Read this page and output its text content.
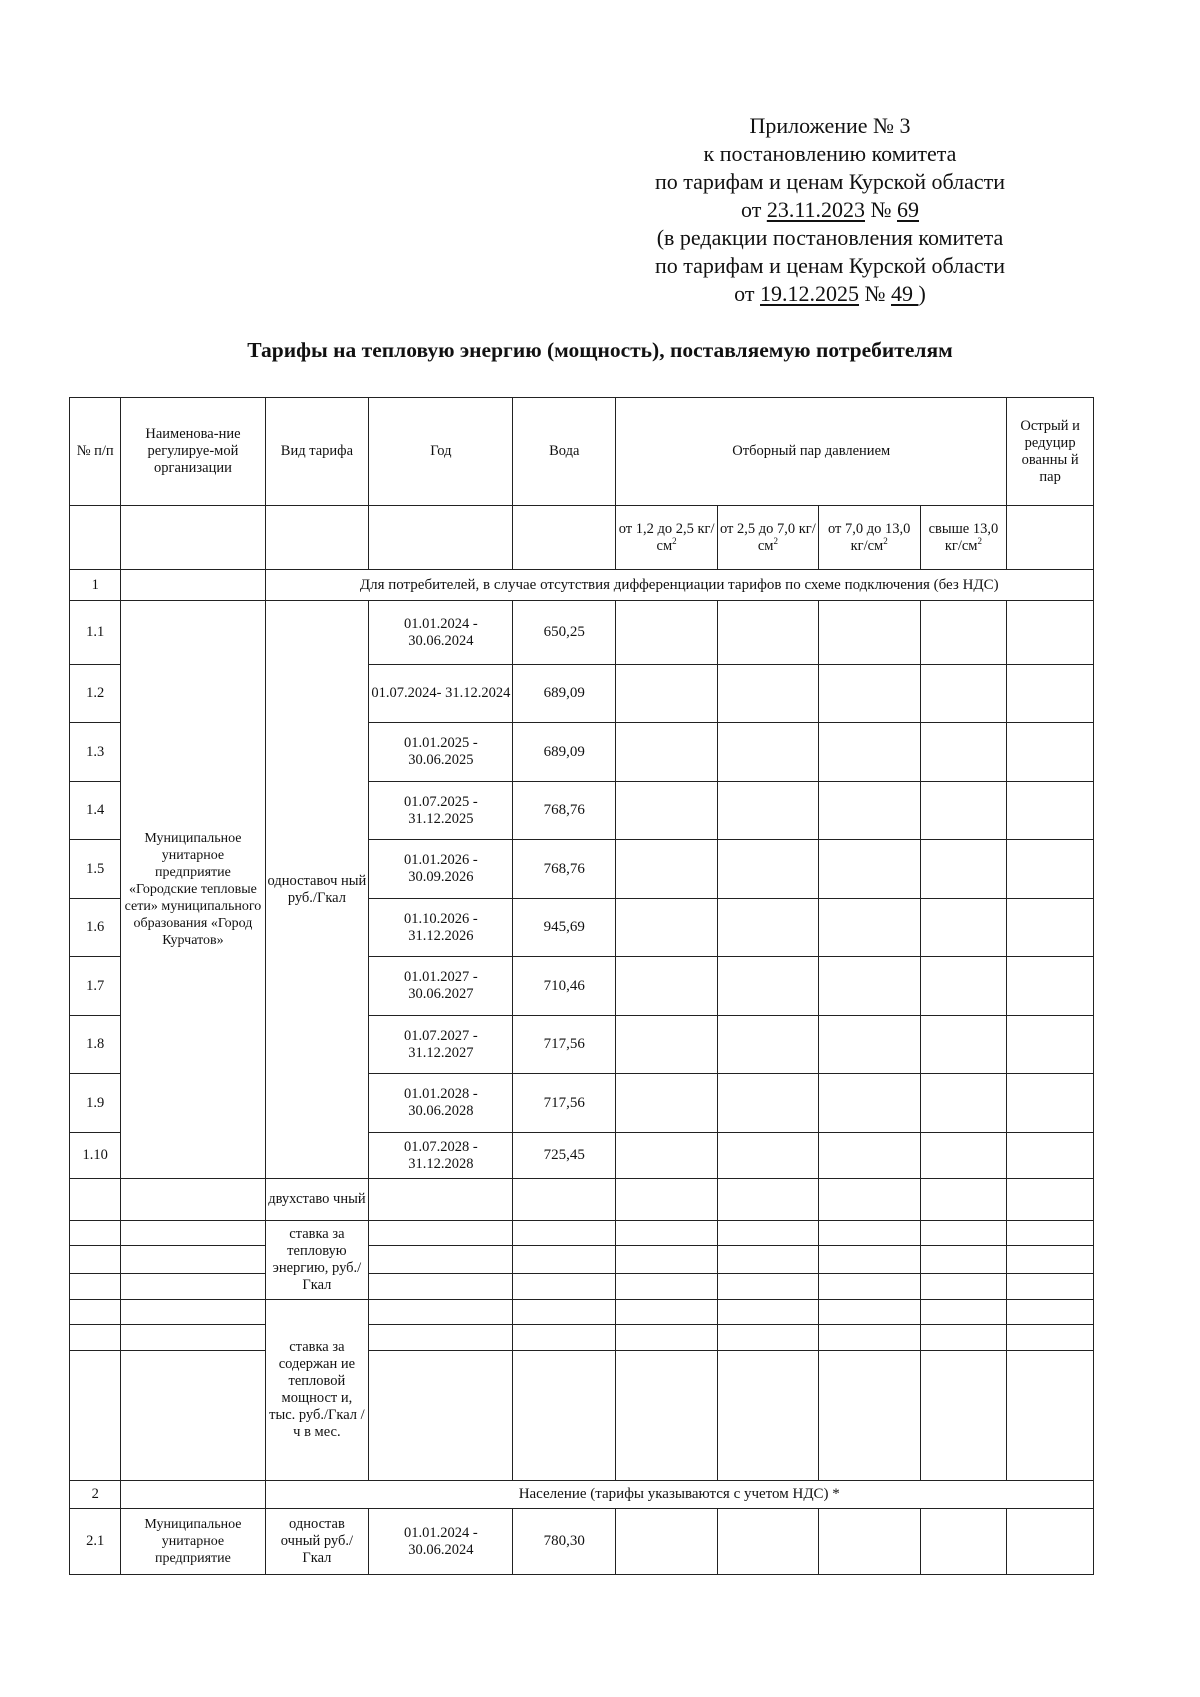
Приложение № 3
к постановлению комитета
по тарифам и ценам Курской области
от 23.11.2023 № 69
(в редакции постановления комитета
по тарифам и ценам Курской области
от 19.12.2025 № 49 )
Тарифы на тепловую энергию (мощность), поставляемую потребителям
№ п/п	Наименова-ние регулируе-мой организации	Вид тарифа	Год	Вода	Отборный пар давлением				Острый и редуцир ованны й пар
					от 1,2 до 2,5 $кг/см^2$	от 2,5 до 7,0 $кг/см^2$	от 7,0 до 13,0 $кг/см^2$	свыше 13,0 $кг/см^2$	
1		Для потребителей, в случае отсутствия дифференциации тарифов по схеме подключения (без НДС)							
1.1	Муниципальное унитарное предприятие «Городские тепловые сети» муниципального образования «Город Курчатов»	одноставоч ный руб./Гкал	01.01.2024 - 30.06.2024	650,25					
1.2			01.07.2024- 31.12.2024	689,09					
1.3			01.01.2025 - 30.06.2025	689,09					
1.4			01.07.2025 - 31.12.2025	768,76					
1.5			01.01.2026 - 30.09.2026	768,76					
1.6			01.10.2026 - 31.12.2026	945,69					
1.7			01.01.2027 - 30.06.2027	710,46					
1.8			01.07.2027 - 31.12.2027	717,56					
1.9			01.01.2028 - 30.06.2028	717,56					
1.10			01.07.2028 - 31.12.2028	725,45					
		двухставо чный							
		ставка за тепловую энергию, руб./Гкал							

		ставка за содержан ие тепловой мощност и, тыс. руб./Гкал /ч в мес.							

2		Население (тарифы указываются с учетом НДС) *							
2.1	Муниципальное унитарное предприятие	одностав очный руб./Гкал	01.01.2024 - 30.06.2024	780,30					
